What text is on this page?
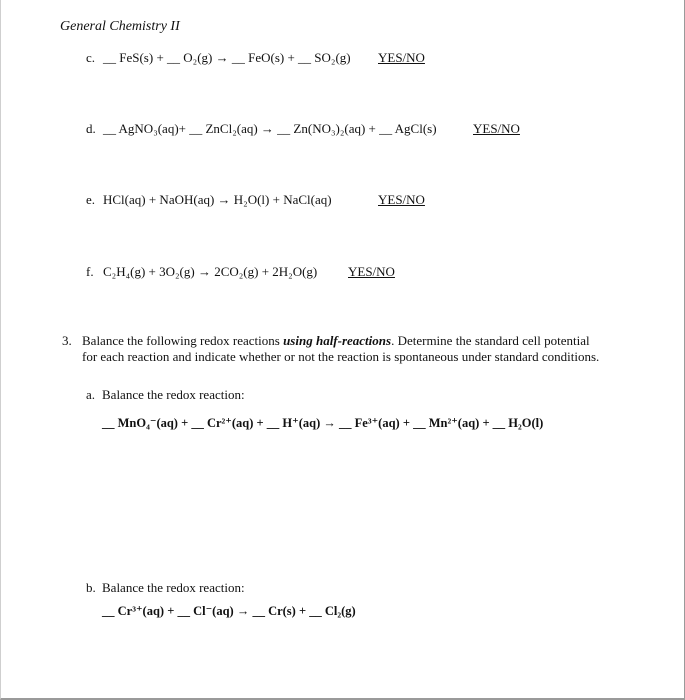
General Chemistry II
c. __ FeS(s) + __ O₂(g) → __ FeO(s) + __ SO₂(g) YES/NO
d. __ AgNO₃(aq)+ __ ZnCl₂(aq) → __ Zn(NO₃)₂(aq) + __ AgCl(s)	YES/NO
e. HCl(aq) + NaOH(aq) → H₂O(l) + NaCl(aq)	YES/NO
f. C₂H₄(g) + 3O₂(g) → 2CO₂(g) + 2H₂O(g) YES/NO
3. Balance the following redox reactions using half-reactions. Determine the standard cell potential for each reaction and indicate whether or not the reaction is spontaneous under standard conditions.
a. Balance the redox reaction:
__ MnO₄⁻(aq) + __ Cr²⁺(aq) + __ H⁺(aq) → __ Fe³⁺(aq) + __ Mn²⁺(aq) + __ H₂O(l)
b. Balance the redox reaction:
__ Cr³⁺(aq) + __ Cl⁻(aq) → __ Cr(s) + __ Cl₂(g)
